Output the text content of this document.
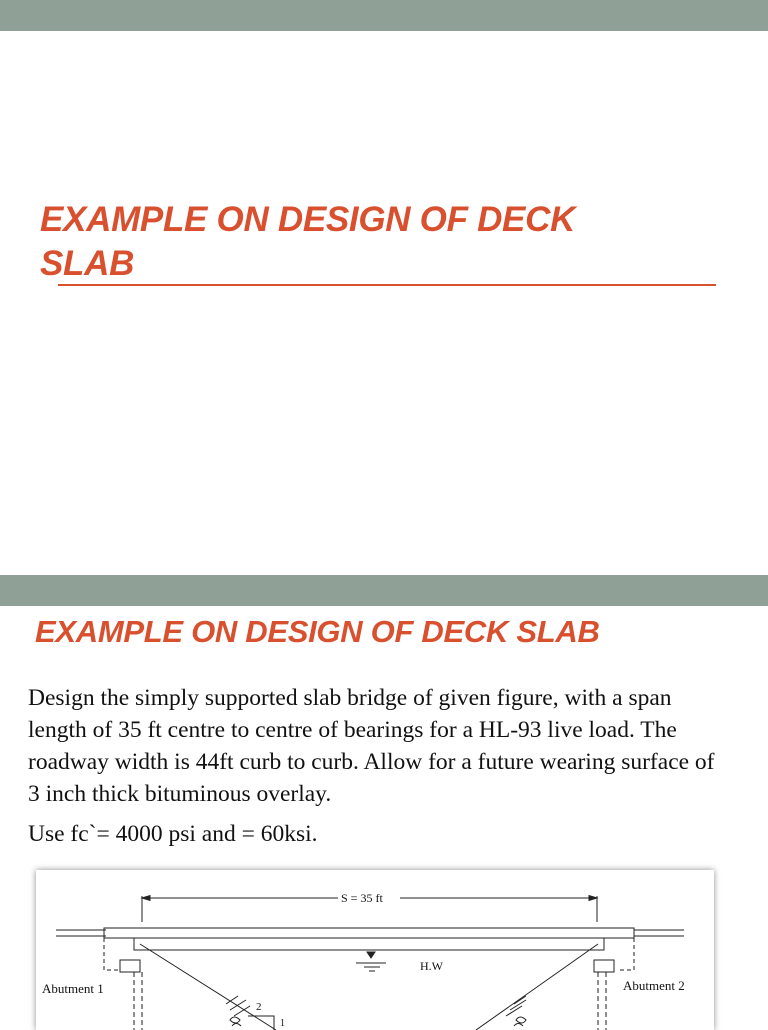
EXAMPLE ON DESIGN OF DECK
SLAB
EXAMPLE ON DESIGN OF DECK SLAB

Design the simply supported slab bridge of given figure, with a span length of 35 ft centre to centre of bearings for a HL-93 live load. The roadway width is 44ft curb to curb. Allow for a future wearing surface of 3 inch thick bituminous overlay.

Use fc`= 4000 psi and = 60ksi.

S = 35 ft
H.W
Abutment 1	Abutment 2
2
1
